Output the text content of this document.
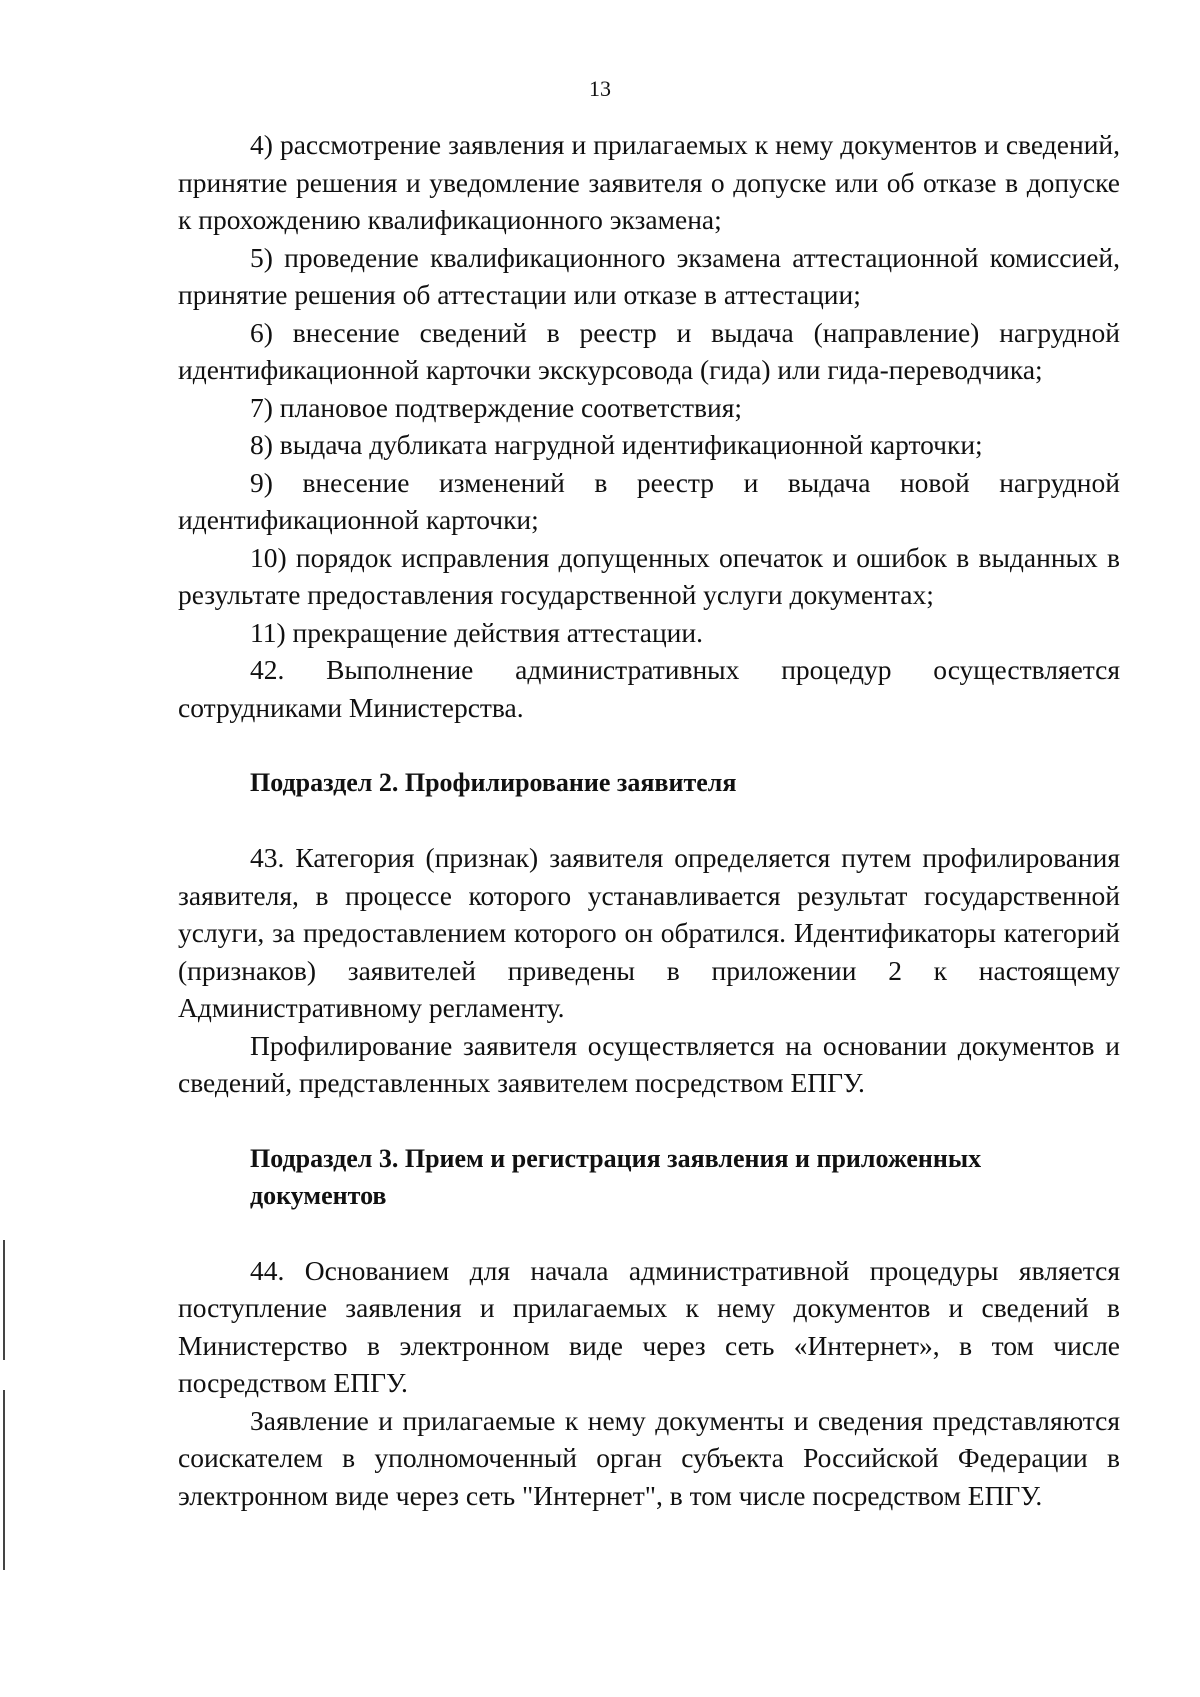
13

4) рассмотрение заявления и прилагаемых к нему документов и сведений, принятие решения и уведомление заявителя о допуске или об отказе в допуске к прохождению квалификационного экзамена;

5) проведение квалификационного экзамена аттестационной комиссией, принятие решения об аттестации или отказе в аттестации;

6) внесение сведений в реестр и выдача (направление) нагрудной идентификационной карточки экскурсовода (гида) или гида-переводчика;

7) плановое подтверждение соответствия;

8) выдача дубликата нагрудной идентификационной карточки;

9) внесение изменений в реестр и выдача новой нагрудной идентификационной карточки;

10) порядок исправления допущенных опечаток и ошибок в выданных в результате предоставления государственной услуги документах;

11) прекращение действия аттестации.

42. Выполнение административных процедур осуществляется сотрудниками Министерства.

Подраздел 2. Профилирование заявителя

43. Категория (признак) заявителя определяется путем профилирования заявителя, в процессе которого устанавливается результат государственной услуги, за предоставлением которого он обратился. Идентификаторы категорий (признаков) заявителей приведены в приложении 2 к настоящему Административному регламенту.

Профилирование заявителя осуществляется на основании документов и сведений, представленных заявителем посредством ЕПГУ.

Подраздел 3. Прием и регистрация заявления и приложенных

документов

44. Основанием для начала административной процедуры является поступление заявления и прилагаемых к нему документов и сведений в Министерство в электронном виде через сеть «Интернет», в том числе посредством ЕПГУ.

Заявление и прилагаемые к нему документы и сведения представляются соискателем в уполномоченный орган субъекта Российской Федерации в электронном виде через сеть "Интернет", в том числе посредством ЕПГУ.
